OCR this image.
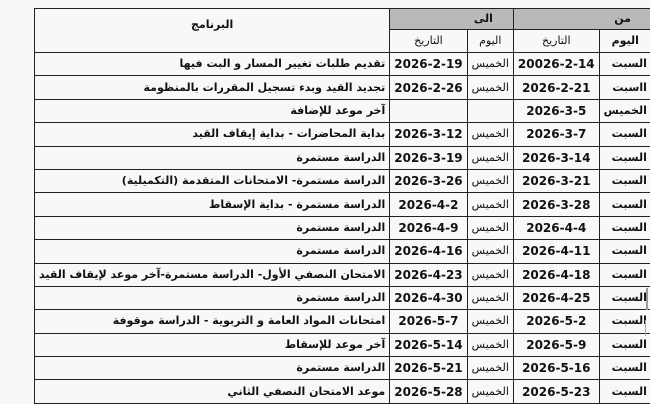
من		الى		البرنامج
اليوم	التاريخ	اليوم	التاريخ	
السبت	20026-2-14	الخميس	2026-2-19	تقديم طلبات تغيير المسار و البت فيها
ااسبت	2026-2-21	الخميس	2026-2-26	تجديد القيد وبدء تسجيل المقررات بالمنظومة
الخميس	2026-3-5			آخر موعد للإضافة
السبت	2026-3-7	الخميس	2026-3-12	بداية المحاضرات - بداية إيقاف القيد
السبت	2026-3-14	الخميس	2026-3-19	الدراسة مستمرة
السبت	2026-3-21	الخميس	2026-3-26	الدراسة مستمرة- الامتحانات المتقدمة (التكميلية)
السبت	2026-3-28	الخميس	2026-4-2	الدراسة مستمرة - بداية الإسقاط
السبت	2026-4-4	الخميس	2026-4-9	الدراسة مستمرة
السبت	2026-4-11	الخميس	2026-4-16	الدراسة مستمرة
السبت	2026-4-18	الخميس	2026-4-23	الامتحان النصفي الأول- الدراسة مستمرة-آخر موعد لإيقاف القيد
السبت	2026-4-25	الخميس	2026-4-30	الدراسة مستمرة
السبت	2026-5-2	الخميس	2026-5-7	امتحانات المواد العامة و التربوية - الدراسة موقوفة
السبت	2026-5-9	الخميس	2026-5-14	آخر موعد للإسقاط
السبت	2026-5-16	الخميس	2026-5-21	الدراسة مستمرة
السبت	2026-5-23	الخميس	2026-5-28	موعد الامتحان النصفي الثاني
